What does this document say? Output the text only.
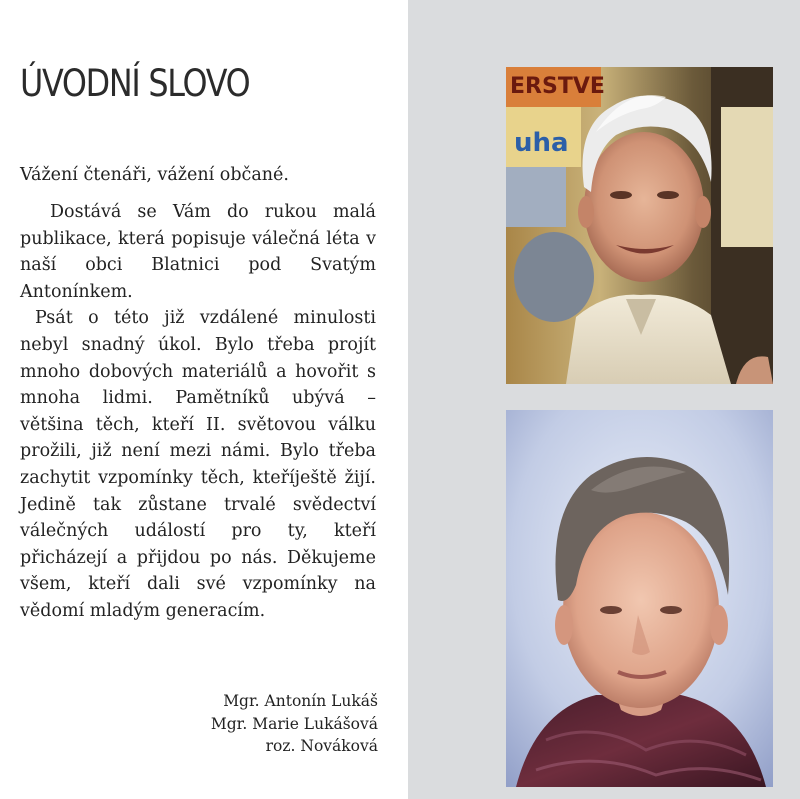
ÚVODNÍ SLOVO

Vážení čtenáři, vážení občané.

Dostává se Vám do rukou malá publikace, která popisuje válečná léta v naší obci Blatnici pod Svatým Antonínkem.

Psát o této již vzdálené minulosti nebyl snadný úkol. Bylo třeba projít mnoho dobových materiálů a hovořit s mnoha lidmi. Pamětníků ubývá – většina těch, kteří II. světovou válku prožili, již není mezi námi. Bylo třeba zachytit vzpomínky těch, kteříještě žijí. Jedině tak zůstane trvalé svědectví válečných událostí pro ty, kteří přicházejí a přijdou po nás. Děkujeme všem, kteří dali své vzpomínky na vědomí mladým generacím.

Mgr. Antonín Lukáš
Mgr. Marie Lukášová
roz. Nováková
ERSTVE
uha
